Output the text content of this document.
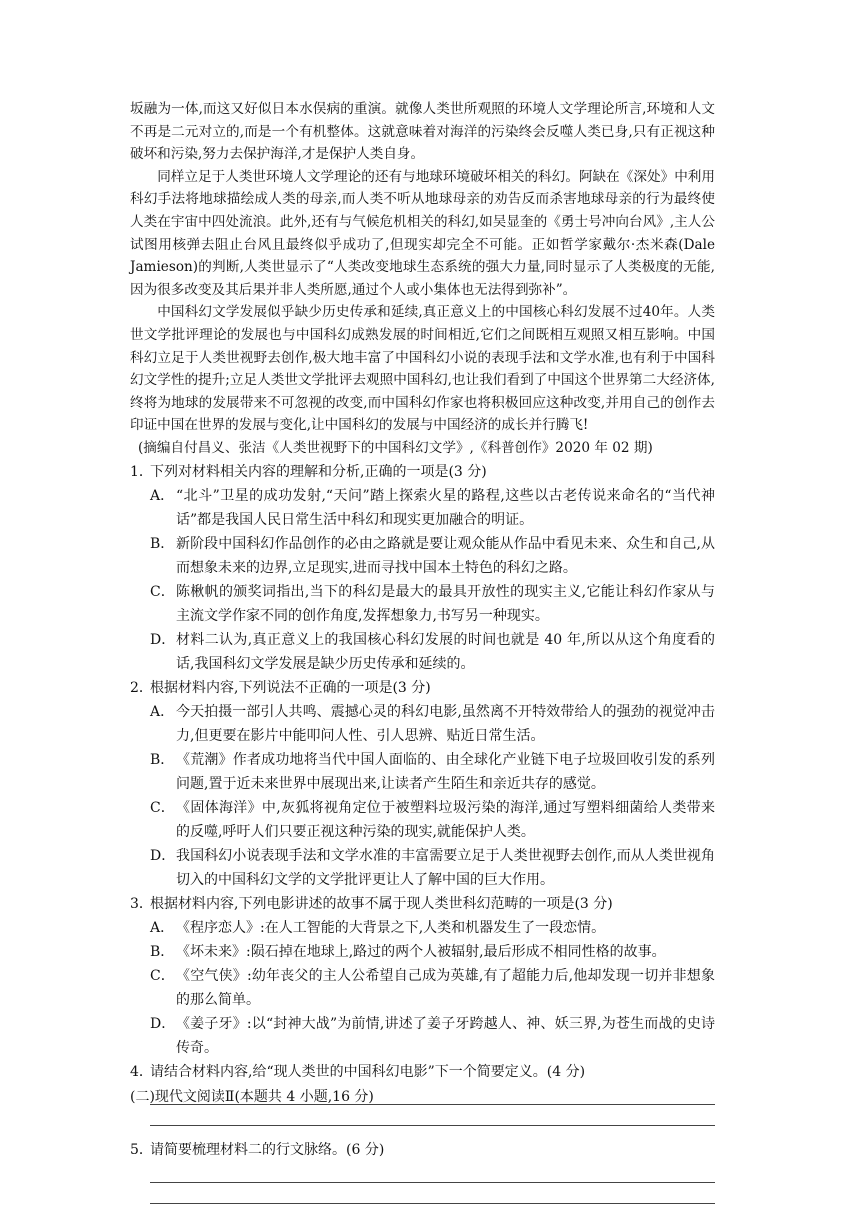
坂融为一体,而这又好似日本水俣病的重演。就像人类世所观照的环境人文学理论所言,环境和人文不再是二元对立的,而是一个有机整体。这就意味着对海洋的污染终会反噬人类已身,只有正视这种破坏和污染,努力去保护海洋,才是保护人类自身。

同样立足于人类世环境人文学理论的还有与地球环境破坏相关的科幻。阿缺在《深处》中利用科幻手法将地球描绘成人类的母亲,而人类不听从地球母亲的劝告反而杀害地球母亲的行为最终使人类在宇宙中四处流浪。此外,还有与气候危机相关的科幻,如吴显奎的《勇士号冲向台风》,主人公试图用核弹去阻止台风且最终似乎成功了,但现实却完全不可能。正如哲学家戴尔·杰米森(Dale Jamieson)的判断,人类世显示了“人类改变地球生态系统的强大力量,同时显示了人类极度的无能,因为很多改变及其后果并非人类所愿,通过个人或小集体也无法得到弥补”。

中国科幻文学发展似乎缺少历史传承和延续,真正意义上的中国核心科幻发展不过40年。人类世文学批评理论的发展也与中国科幻成熟发展的时间相近,它们之间既相互观照又相互影响。中国科幻立足于人类世视野去创作,极大地丰富了中国科幻小说的表现手法和文学水准,也有利于中国科幻文学性的提升;立足人类世文学批评去观照中国科幻,也让我们看到了中国这个世界第二大经济体,终将为地球的发展带来不可忽视的改变,而中国科幻作家也将积极回应这种改变,并用自己的创作去印证中国在世界的发展与变化,让中国科幻的发展与中国经济的成长并行腾飞!

(摘编自付昌义、张洁《人类世视野下的中国科幻文学》,《科普创作》2020 年 02 期)

1．
下列对材料相关内容的理解和分析,正确的一项是(3 分)
A． “北斗”卫星的成功发射,“天问”踏上探索火星的路程,这些以古老传说来命名的“当代神话”都是我国人民日常生活中科幻和现实更加融合的明证。
B． 新阶段中国科幻作品创作的必由之路就是要让观众能从作品中看见未来、众生和自己,从而想象未来的边界,立足现实,进而寻找中国本土特色的科幻之路。
C． 陈楸帆的颁奖词指出,当下的科幻是最大的最具开放性的现实主义,它能让科幻作家从与主流文学作家不同的创作角度,发挥想象力,书写另一种现实。
D． 材料二认为,真正意义上的我国核心科幻发展的时间也就是 40 年,所以从这个角度看的话,我国科幻文学发展是缺少历史传承和延续的。
2．
根据材料内容,下列说法不正确的一项是(3 分)
A． 今天拍摄一部引人共鸣、震撼心灵的科幻电影,虽然离不开特效带给人的强劲的视觉冲击力,但更要在影片中能叩问人性、引人思辨、贴近日常生活。
B． 《荒潮》作者成功地将当代中国人面临的、由全球化产业链下电子垃圾回收引发的系列问题,置于近未来世界中展现出来,让读者产生陌生和亲近共存的感觉。
C． 《固体海洋》中,灰狐将视角定位于被塑料垃圾污染的海洋,通过写塑料细菌给人类带来的反噬,呼吁人们只要正视这种污染的现实,就能保护人类。
D． 我国科幻小说表现手法和文学水准的丰富需要立足于人类世视野去创作,而从人类世视角切入的中国科幻文学的文学批评更让人了解中国的巨大作用。
3．
根据材料内容,下列电影讲述的故事不属于现人类世科幻范畴的一项是(3 分)
A． 《程序恋人》:在人工智能的大背景之下,人类和机器发生了一段恋情。
B． 《坏未来》:陨石掉在地球上,路过的两个人被辐射,最后形成不相同性格的故事。
C． 《空气侠》:幼年丧父的主人公希望自己成为英雄,有了超能力后,他却发现一切并非想象的那么简单。
D． 《姜子牙》:以“封神大战”为前情,讲述了姜子牙跨越人、神、妖三界,为苍生而战的史诗传奇。
4．
请结合材料内容,给“现人类世的中国科幻电影”下一个简要定义。(4 分)
5．
请简要梳理材料二的行文脉络。(6 分)
(二)现代文阅读Ⅱ(本题共 4 小题,16 分)
